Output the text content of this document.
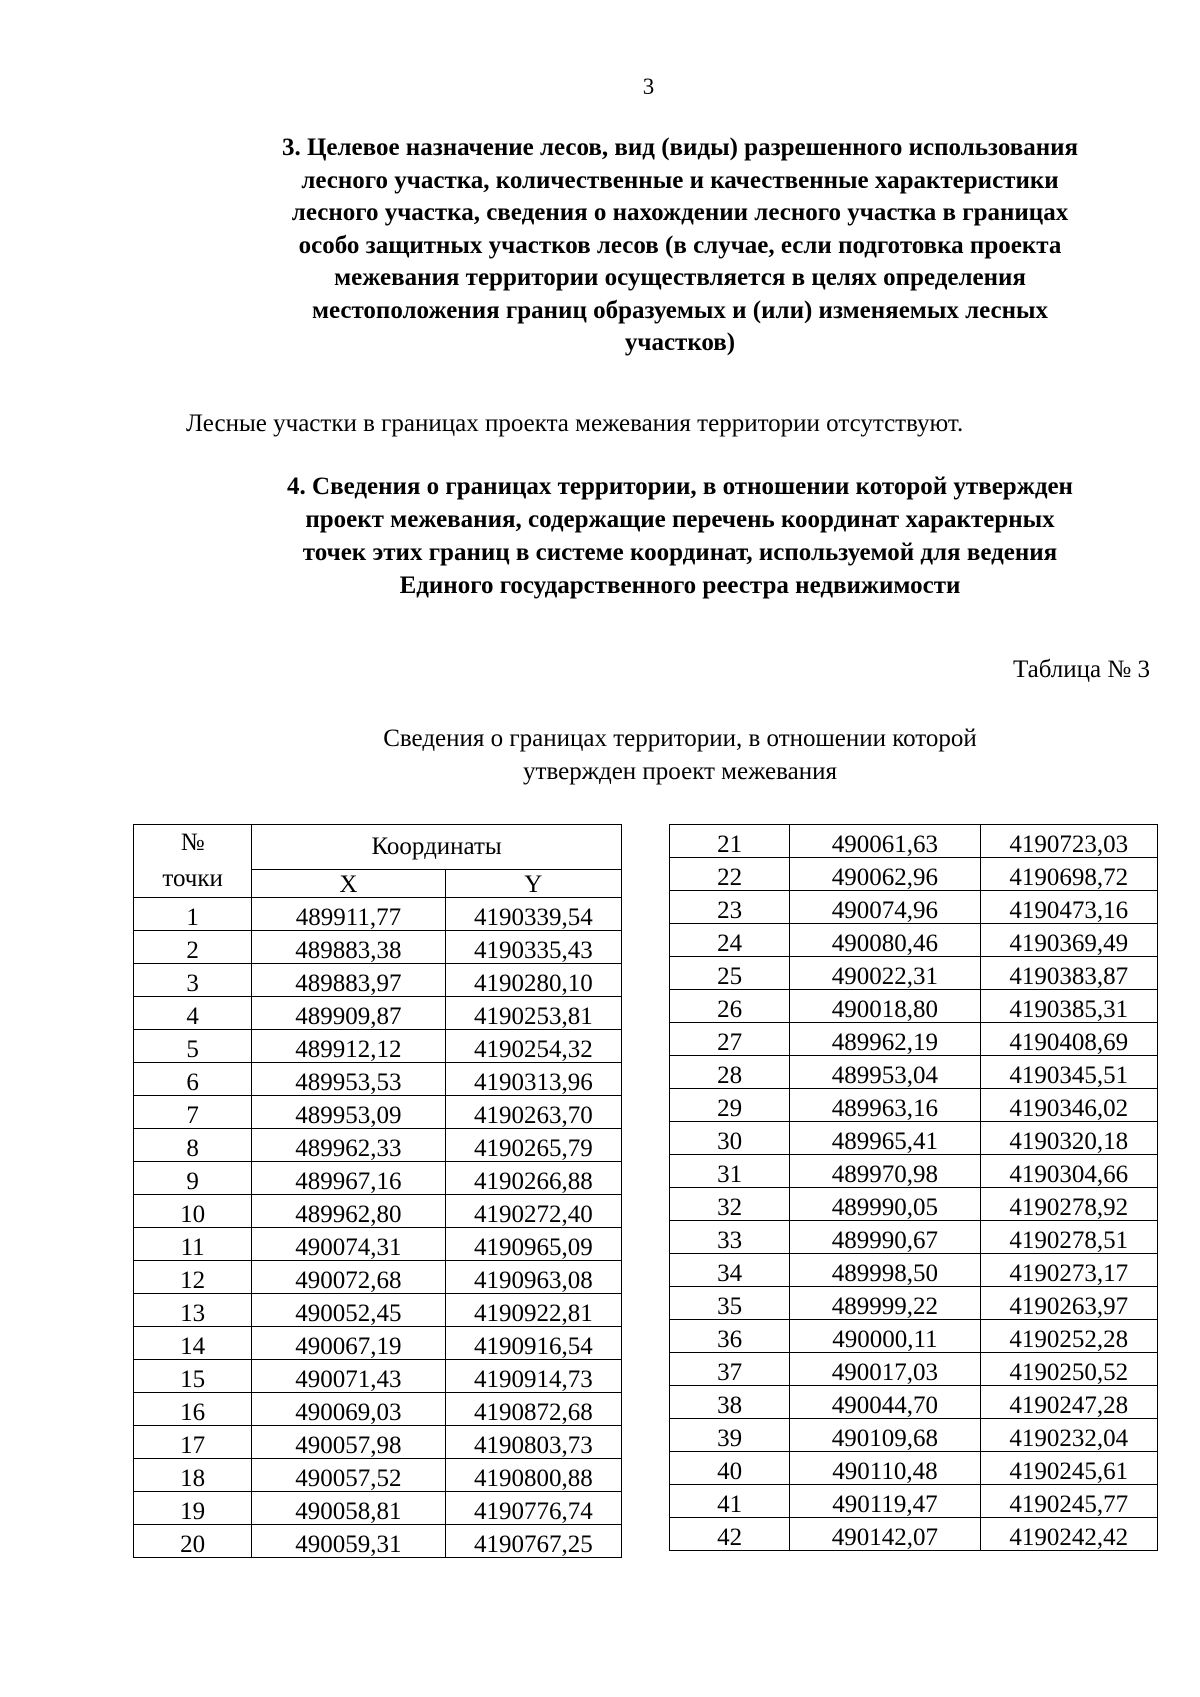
3
3. Целевое назначение лесов, вид (виды) разрешенного использования
лесного участка, количественные и качественные характеристики
лесного участка, сведения о нахождении лесного участка в границах
особо защитных участков лесов (в случае, если подготовка проекта
межевания территории осуществляется в целях определения
местоположения границ образуемых и (или) изменяемых лесных
участков)
Лесные участки в границах проекта межевания территории отсутствуют.
4. Сведения о границах территории, в отношении которой утвержден
проект межевания, содержащие перечень координат характерных
точек этих границ в системе координат, используемой для ведения
Единого государственного реестра недвижимости
Таблица № 3
Сведения о границах территории, в отношении которой
утвержден проект межевания
№
точки	Координаты	
	X	Y
1	489911,77	4190339,54
2	489883,38	4190335,43
3	489883,97	4190280,10
4	489909,87	4190253,81
5	489912,12	4190254,32
6	489953,53	4190313,96
7	489953,09	4190263,70
8	489962,33	4190265,79
9	489967,16	4190266,88
10	489962,80	4190272,40
11	490074,31	4190965,09
12	490072,68	4190963,08
13	490052,45	4190922,81
14	490067,19	4190916,54
15	490071,43	4190914,73
16	490069,03	4190872,68
17	490057,98	4190803,73
18	490057,52	4190800,88
19	490058,81	4190776,74
20	490059,31	4190767,25
21	490061,63	4190723,03
22	490062,96	4190698,72
23	490074,96	4190473,16
24	490080,46	4190369,49
25	490022,31	4190383,87
26	490018,80	4190385,31
27	489962,19	4190408,69
28	489953,04	4190345,51
29	489963,16	4190346,02
30	489965,41	4190320,18
31	489970,98	4190304,66
32	489990,05	4190278,92
33	489990,67	4190278,51
34	489998,50	4190273,17
35	489999,22	4190263,97
36	490000,11	4190252,28
37	490017,03	4190250,52
38	490044,70	4190247,28
39	490109,68	4190232,04
40	490110,48	4190245,61
41	490119,47	4190245,77
42	490142,07	4190242,42
